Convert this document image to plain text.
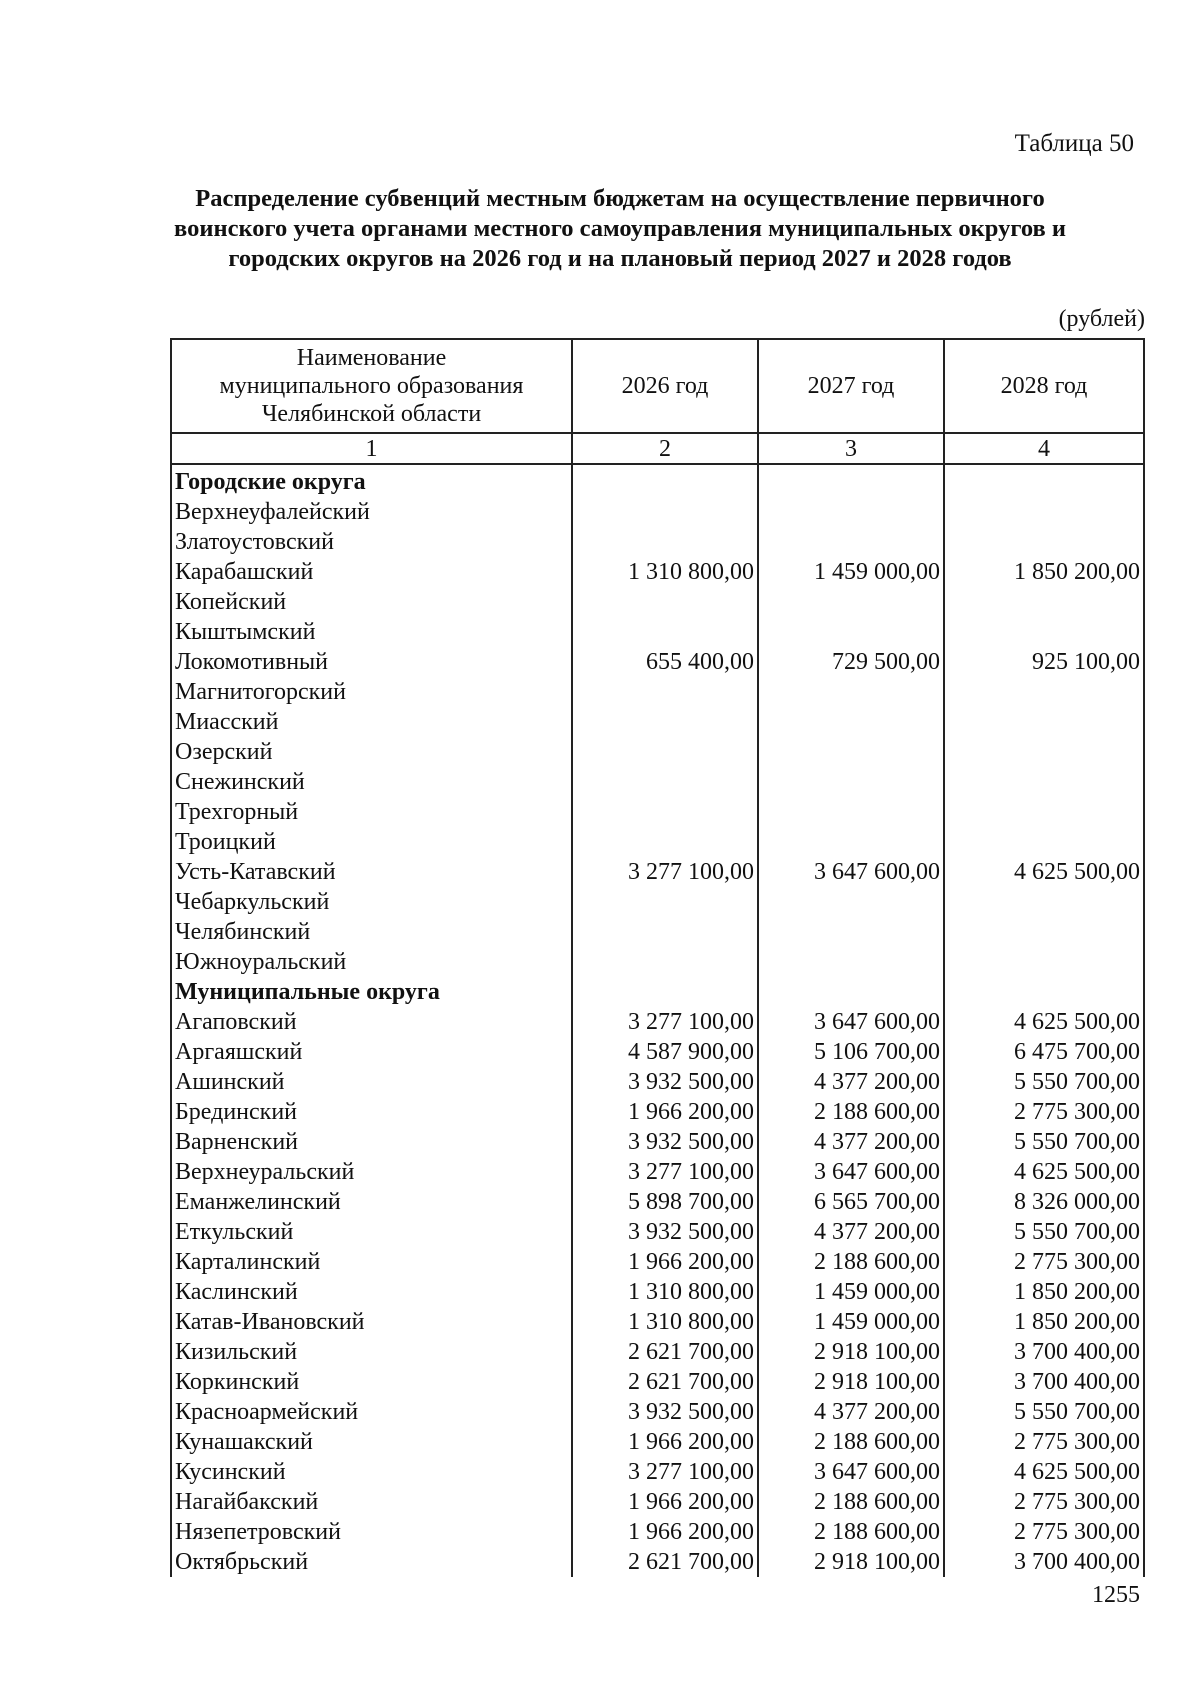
Таблица 50
Распределение субвенций местным бюджетам на осуществление первичного
воинского учета органами местного самоуправления муниципальных округов и
городских округов на 2026 год и на плановый период 2027 и 2028 годов
(рублей)
Наименование
муниципального образования
Челябинской области	2026 год	2027 год	2028 год
1	2	3	4
Городские округа			
Верхнеуфалейский			
Златоустовский			
Карабашский	1 310 800,00	1 459 000,00	1 850 200,00
Копейский			
Кыштымский			
Локомотивный	655 400,00	729 500,00	925 100,00
Магнитогорский			
Миасский			
Озерский			
Снежинский			
Трехгорный			
Троицкий			
Усть-Катавский	3 277 100,00	3 647 600,00	4 625 500,00
Чебаркульский			
Челябинский			
Южноуральский			
Муниципальные округа			
Агаповский	3 277 100,00	3 647 600,00	4 625 500,00
Аргаяшский	4 587 900,00	5 106 700,00	6 475 700,00
Ашинский	3 932 500,00	4 377 200,00	5 550 700,00
Брединский	1 966 200,00	2 188 600,00	2 775 300,00
Варненский	3 932 500,00	4 377 200,00	5 550 700,00
Верхнеуральский	3 277 100,00	3 647 600,00	4 625 500,00
Еманжелинский	5 898 700,00	6 565 700,00	8 326 000,00
Еткульский	3 932 500,00	4 377 200,00	5 550 700,00
Карталинский	1 966 200,00	2 188 600,00	2 775 300,00
Каслинский	1 310 800,00	1 459 000,00	1 850 200,00
Катав-Ивановский	1 310 800,00	1 459 000,00	1 850 200,00
Кизильский	2 621 700,00	2 918 100,00	3 700 400,00
Коркинский	2 621 700,00	2 918 100,00	3 700 400,00
Красноармейский	3 932 500,00	4 377 200,00	5 550 700,00
Кунашакский	1 966 200,00	2 188 600,00	2 775 300,00
Кусинский	3 277 100,00	3 647 600,00	4 625 500,00
Нагайбакский	1 966 200,00	2 188 600,00	2 775 300,00
Нязепетровский	1 966 200,00	2 188 600,00	2 775 300,00
Октябрьский	2 621 700,00	2 918 100,00	3 700 400,00
1255
